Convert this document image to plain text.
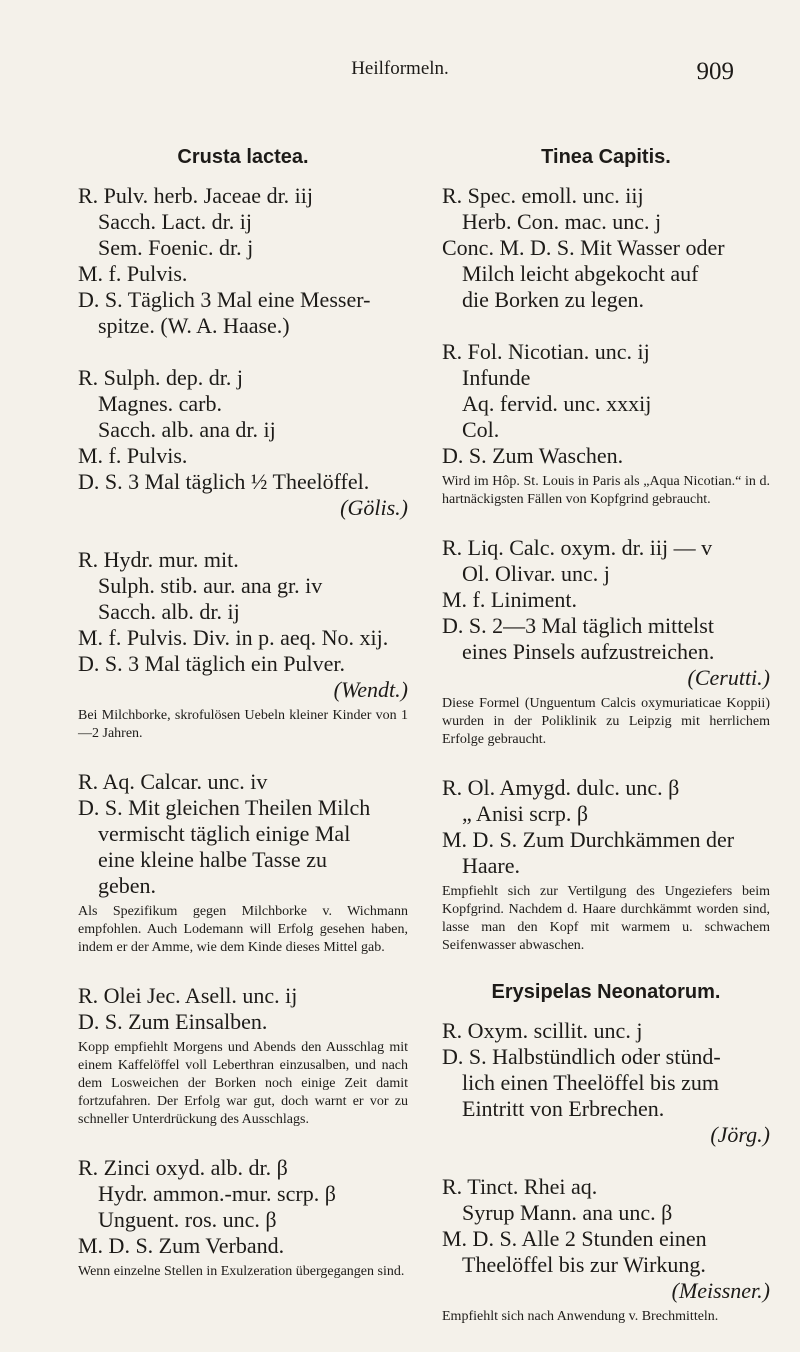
Heilformeln.	909
Crusta lactea.

R. Pulv. herb. Jaceae dr. iij

Sacch. Lact. dr. ij

Sem. Foenic. dr. j

M. f. Pulvis.

D. S. Täglich 3 Mal eine Messer-

spitze. (W. A. Haase.)

R. Sulph. dep. dr. j

Magnes. carb.

Sacch. alb. ana dr. ij

M. f. Pulvis.

D. S. 3 Mal täglich ½ Theelöffel.

(Gölis.)

R. Hydr. mur. mit.

Sulph. stib. aur. ana gr. iv

Sacch. alb. dr. ij

M. f. Pulvis. Div. in p. aeq. No. xij.

D. S. 3 Mal täglich ein Pulver.

(Wendt.)

Bei Milchborke, skrofulösen Uebeln kleiner Kinder von 1—2 Jahren.

R. Aq. Calcar. unc. iv

D. S. Mit gleichen Theilen Milch

vermischt täglich einige Mal

eine kleine halbe Tasse zu

geben.

Als Spezifikum gegen Milchborke v. Wichmann empfohlen. Auch Lodemann will Erfolg gesehen haben, indem er der Amme, wie dem Kinde dieses Mittel gab.

R. Olei Jec. Asell. unc. ij

D. S. Zum Einsalben.

Kopp empfiehlt Morgens und Abends den Ausschlag mit einem Kaffelöffel voll Leberthran einzusalben, und nach dem Losweichen der Borken noch einige Zeit damit fortzufahren. Der Erfolg war gut, doch warnt er vor zu schneller Unterdrückung des Ausschlags.

R. Zinci oxyd. alb. dr. β

Hydr. ammon.-mur. scrp. β

Unguent. ros. unc. β

M. D. S. Zum Verband.

Wenn einzelne Stellen in Exulzeration übergegangen sind.

Tinea Capitis.

R. Spec. emoll. unc. iij

Herb. Con. mac. unc. j

Conc. M. D. S. Mit Wasser oder

Milch leicht abgekocht auf

die Borken zu legen.

R. Fol. Nicotian. unc. ij

Infunde

Aq. fervid. unc. xxxij

Col.

D. S. Zum Waschen.

Wird im Hôp. St. Louis in Paris als „Aqua Nicotian.“ in d. hartnäckigsten Fällen von Kopfgrind gebraucht.

R. Liq. Calc. oxym. dr. iij — v

Ol. Olivar. unc. j

M. f. Liniment.

D. S. 2—3 Mal täglich mittelst

eines Pinsels aufzustreichen.

(Cerutti.)

Diese Formel (Unguentum Calcis oxymuriaticae Koppii) wurden in der Poliklinik zu Leipzig mit herrlichem Erfolge gebraucht.

R. Ol. Amygd. dulc. unc. β

„ Anisi scrp. β

M. D. S. Zum Durchkämmen der

Haare.

Empfiehlt sich zur Vertilgung des Ungeziefers beim Kopfgrind. Nachdem d. Haare durchkämmt worden sind, lasse man den Kopf mit warmem u. schwachem Seifenwasser abwaschen.

Erysipelas Neonatorum.

R. Oxym. scillit. unc. j

D. S. Halbstündlich oder stünd-

lich einen Theelöffel bis zum

Eintritt von Erbrechen.

(Jörg.)

R. Tinct. Rhei aq.

Syrup Mann. ana unc. β

M. D. S. Alle 2 Stunden einen

Theelöffel bis zur Wirkung.

(Meissner.)

Empfiehlt sich nach Anwendung v. Brechmitteln.
